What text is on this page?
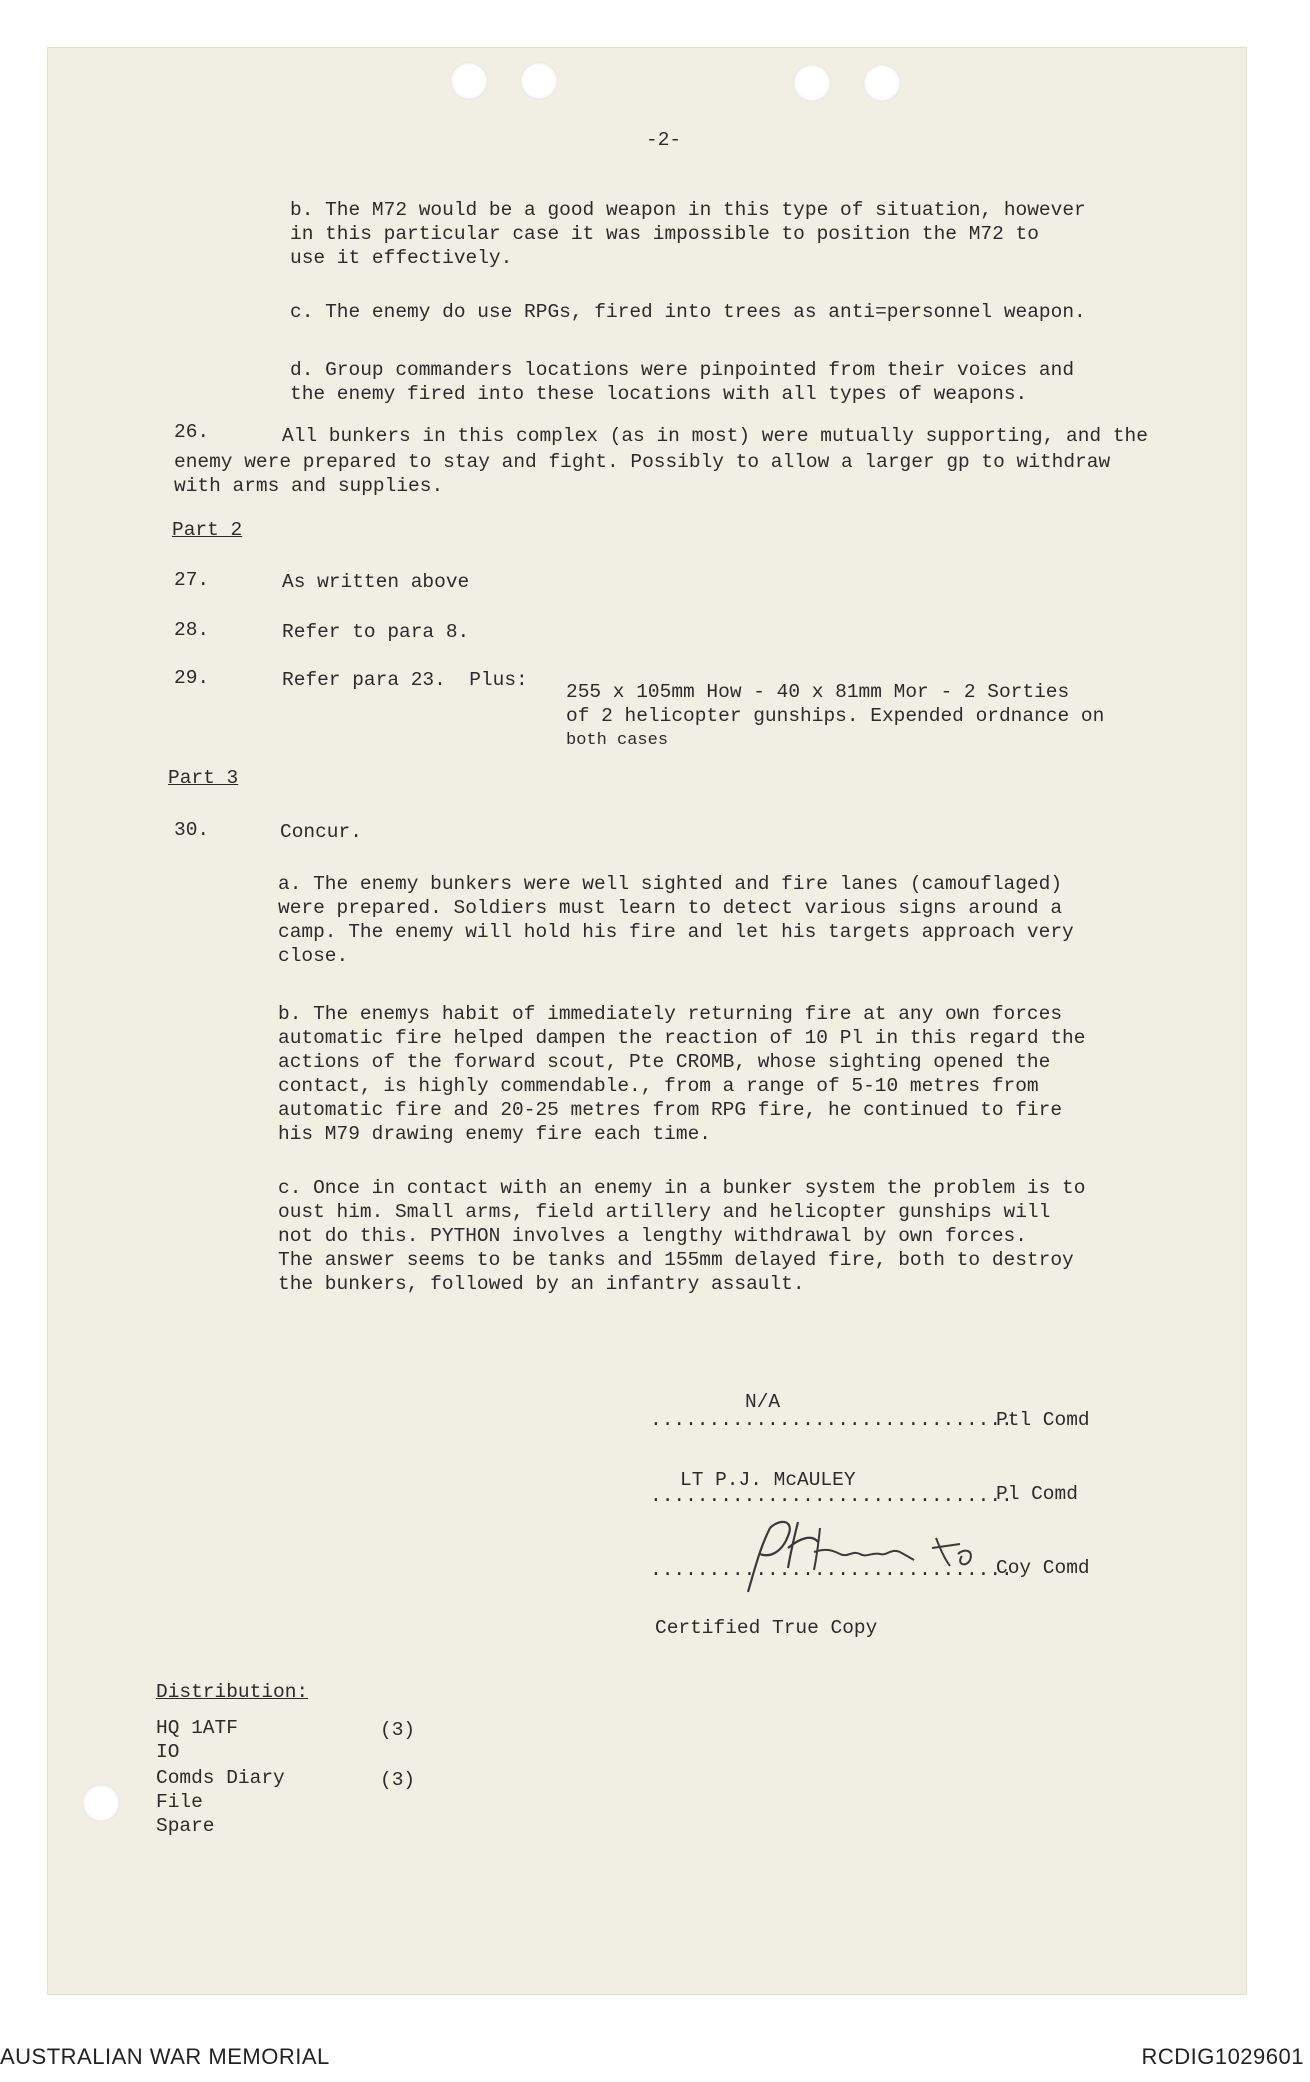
-2-
b. The M72 would be a good weapon in this type of situation, however
in this particular case it was impossible to position the M72 to
use it effectively.
c. The enemy do use RPGs, fired into trees as anti=personnel weapon.
d. Group commanders locations were pinpointed from their voices and
the enemy fired into these locations with all types of weapons.
26.	All bunkers in this complex (as in most) were mutually supporting, and the
enemy were prepared to stay and fight. Possibly to allow a larger gp to withdraw
with arms and supplies.
Part 2
27.	As written above
28.	Refer to para 8.
29.	Refer para 23.  Plus:
255 x 105mm How - 40 x 81mm Mor - 2 Sorties
of 2 helicopter gunships. Expended ordnance on
both cases
Part 3
30.	Concur.
a. The enemy bunkers were well sighted and fire lanes (camouflaged)
were prepared. Soldiers must learn to detect various signs around a
camp. The enemy will hold his fire and let his targets approach very
close.
b. The enemys habit of immediately returning fire at any own forces
automatic fire helped dampen the reaction of 10 Pl in this regard the
actions of the forward scout, Pte CROMB, whose sighting opened the
contact, is highly commendable., from a range of 5-10 metres from
automatic fire and 20-25 metres from RPG fire, he continued to fire
his M79 drawing enemy fire each time.
c. Once in contact with an enemy in a bunker system the problem is to
oust him. Small arms, field artillery and helicopter gunships will
not do this. PYTHON involves a lengthy withdrawal by own forces.
The answer seems to be tanks and 155mm delayed fire, both to destroy
the bunkers, followed by an infantry assault.
N/A
...............................
Ptl Comd
LT P.J. McAULEY
...............................
Pl Comd
...............................
Coy Comd
Certified True Copy
Distribution:
HQ 1ATF	(3)
IO
Comds Diary	(3)
File
Spare
AUSTRALIAN WAR MEMORIAL	RCDIG1029601
